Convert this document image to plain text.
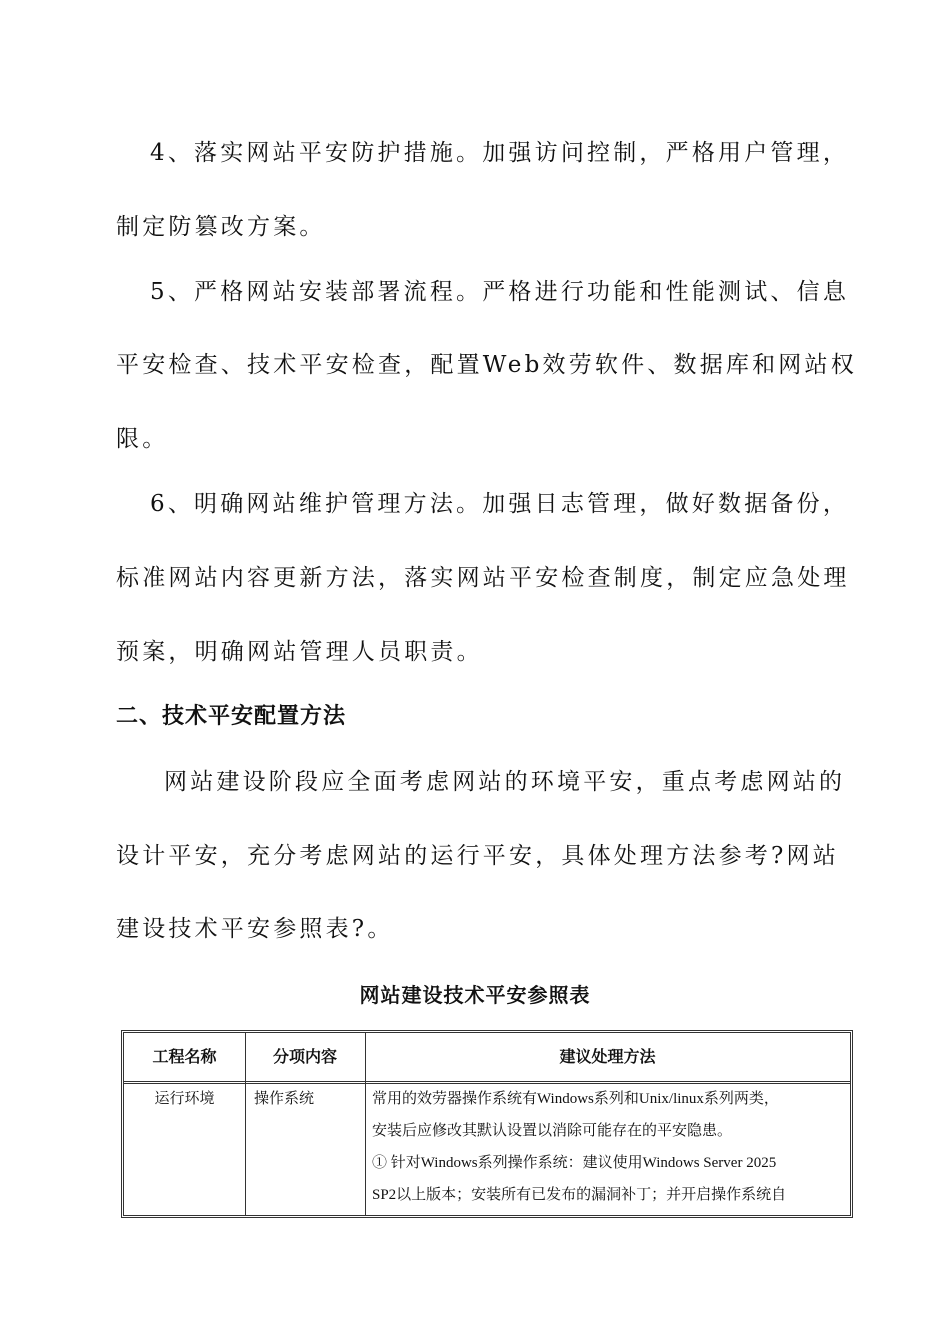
4、落实网站平安防护措施。加强访问控制，严格用户管理，
制定防篡改方案。
5、严格网站安装部署流程。严格进行功能和性能测试、信息
平安检查、技术平安检查，配置Web效劳软件、数据库和网站权
限。
6、明确网站维护管理方法。加强日志管理，做好数据备份，
标准网站内容更新方法，落实网站平安检查制度，制定应急处理
预案，明确网站管理人员职责。
二、技术平安配置方法
网站建设阶段应全面考虑网站的环境平安，重点考虑网站的
设计平安，充分考虑网站的运行平安，具体处理方法参考?网站
建设技术平安参照表?。
网站建设技术平安参照表
工程名称	分项内容	建议处理方法
运行环境	操作系统	常用的效劳器操作系统有Windows系列和Unix/linux系列两类，
安装后应修改其默认设置以消除可能存在的平安隐患。
① 针对Windows系列操作系统：建议使用Windows Server 2025
SP2以上版本；安装所有已发布的漏洞补丁；并开启操作系统自
